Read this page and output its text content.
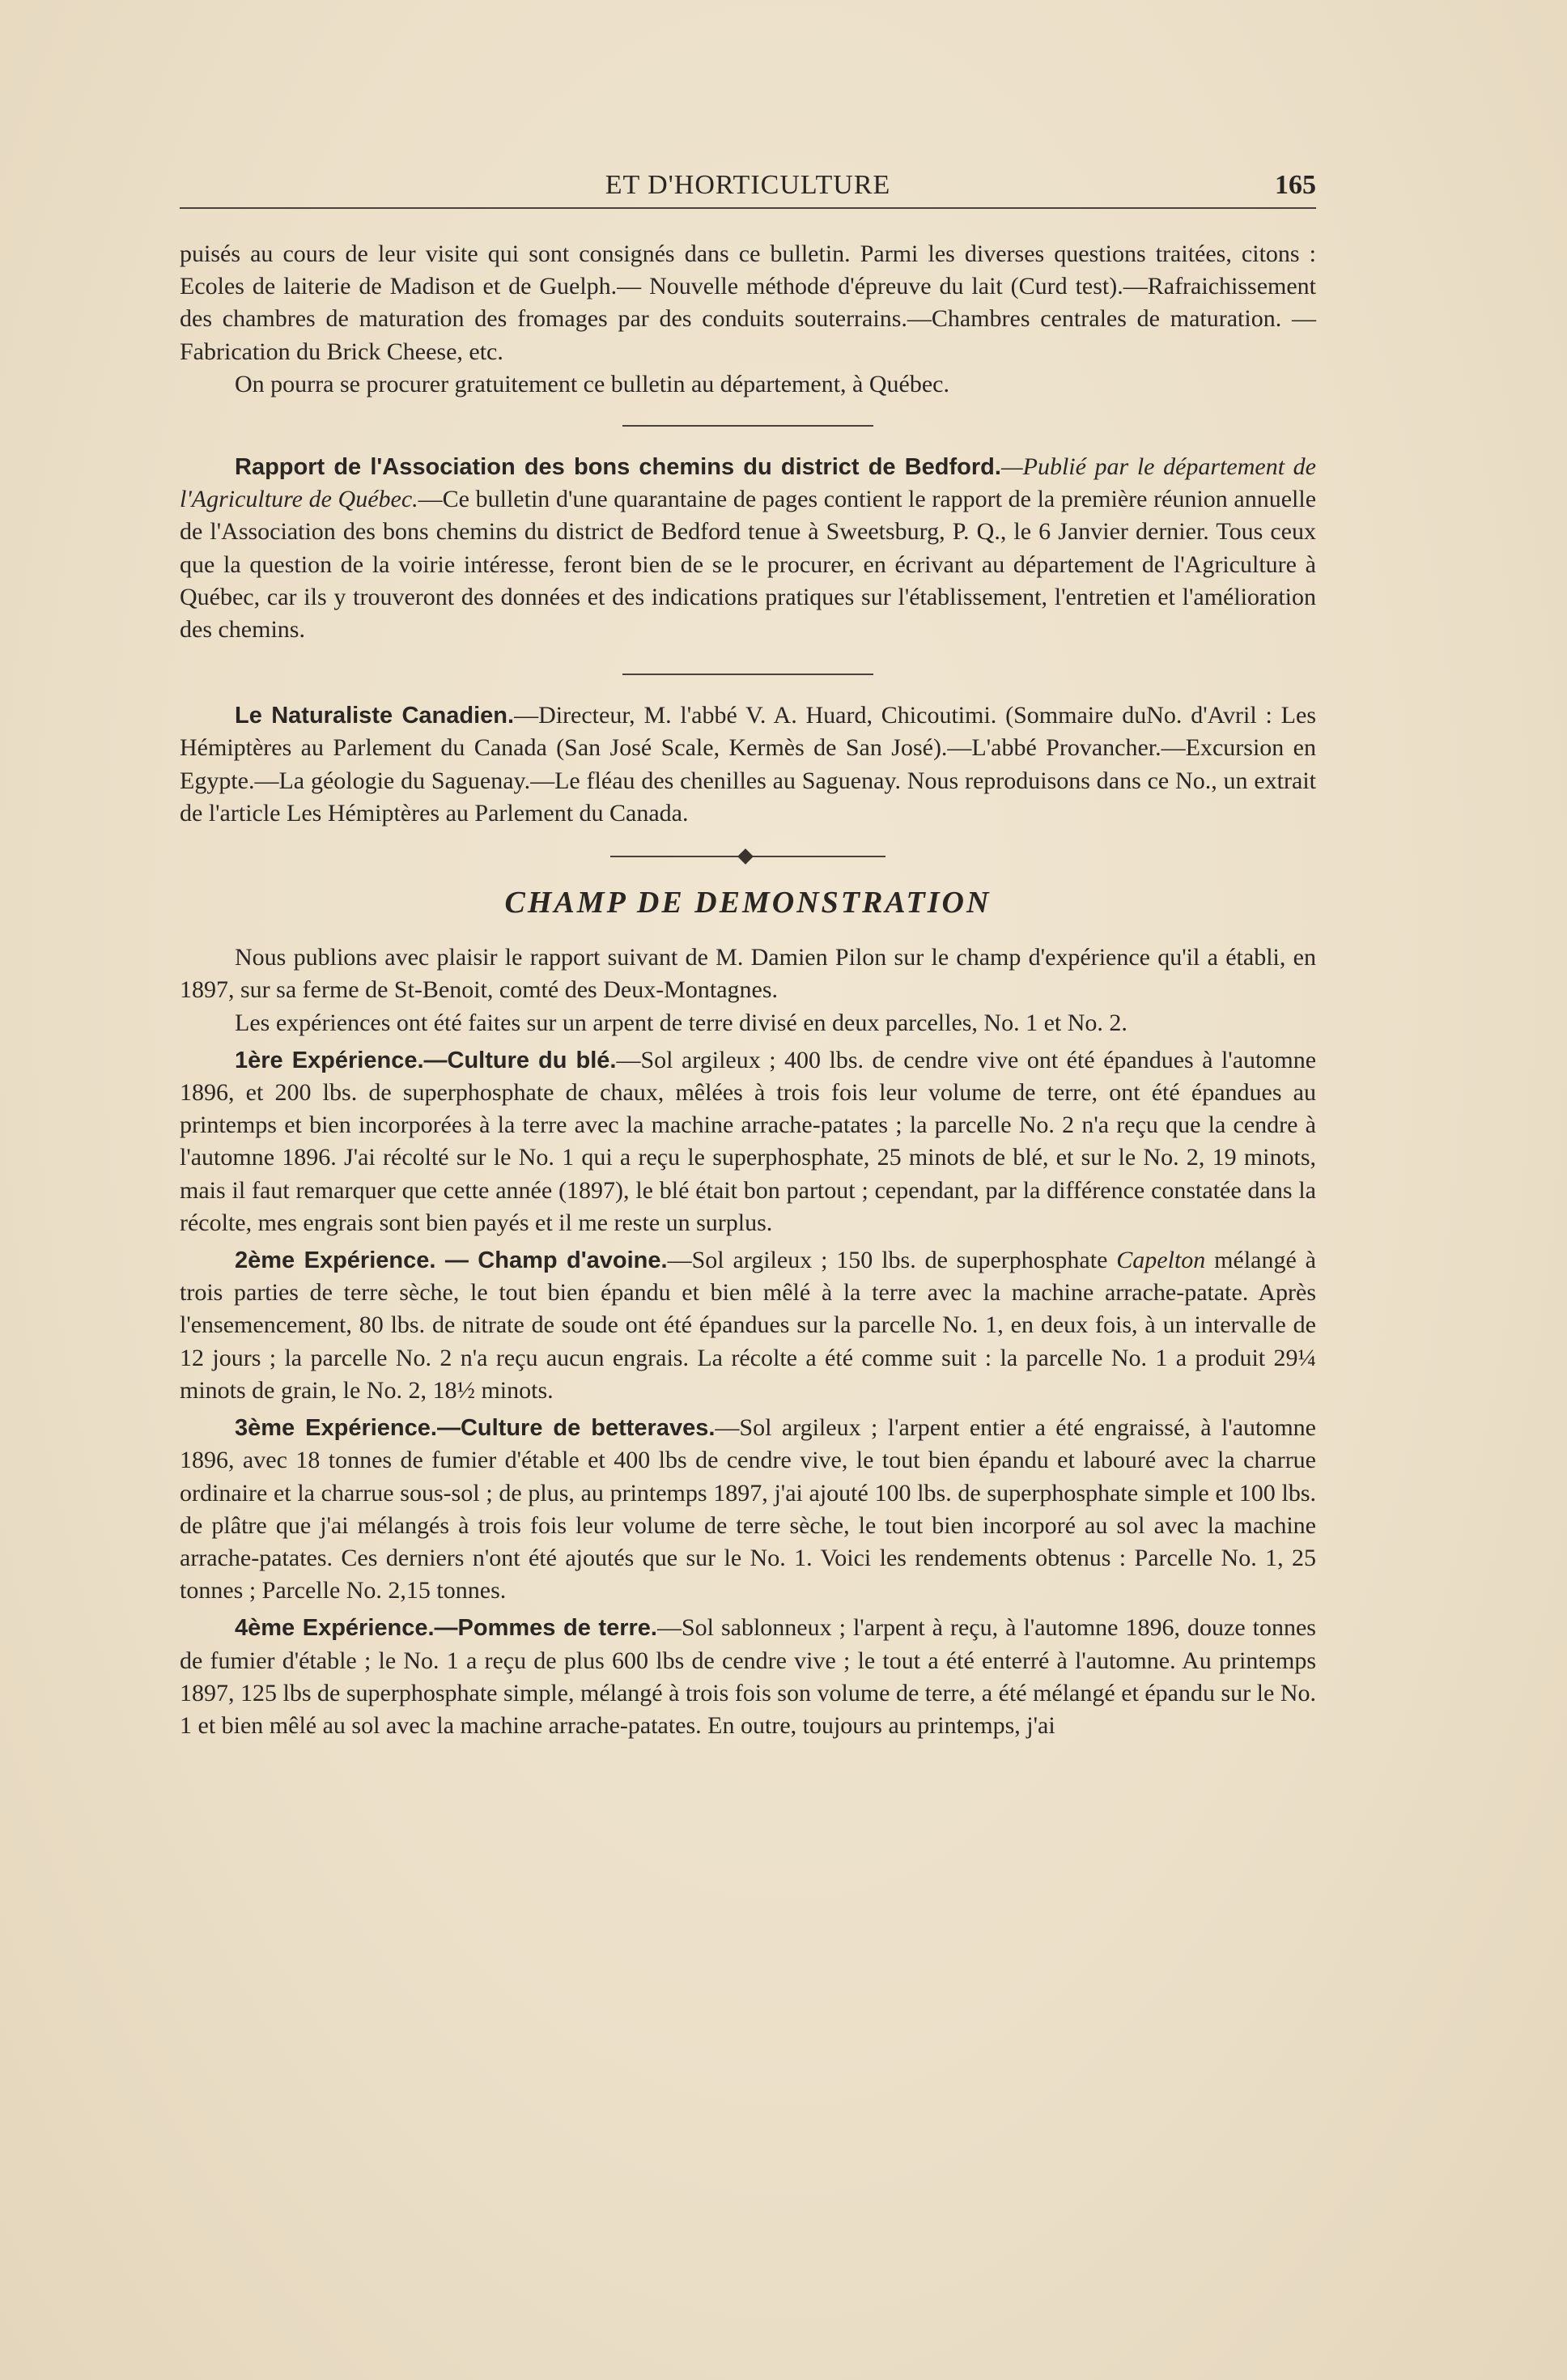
ET D'HORTICULTURE	165

puisés au cours de leur visite qui sont consignés dans ce bulletin. Parmi les diverses questions traitées, citons : Ecoles de laiterie de Madison et de Guelph.— Nouvelle méthode d'épreuve du lait (Curd test).—Rafraichissement des chambres de maturation des fromages par des conduits souterrains.—Chambres centrales de maturation. — Fabrication du Brick Cheese, etc.

On pourra se procurer gratuitement ce bulletin au département, à Québec.

Rapport de l'Association des bons chemins du district de Bedford.—Publié par le département de l'Agriculture de Québec.—Ce bulletin d'une quarantaine de pages contient le rapport de la première réunion annuelle de l'Association des bons chemins du district de Bedford tenue à Sweetsburg, P. Q., le 6 Janvier dernier. Tous ceux que la question de la voirie intéresse, feront bien de se le procurer, en écrivant au département de l'Agriculture à Québec, car ils y trouveront des données et des indications pratiques sur l'établissement, l'entretien et l'amélioration des chemins.

Le Naturaliste Canadien.—Directeur, M. l'abbé V. A. Huard, Chicoutimi. (Sommaire duNo. d'Avril : Les Hémiptères au Parlement du Canada (San José Scale, Kermès de San José).—L'abbé Provancher.—Excursion en Egypte.—La géologie du Saguenay.—Le fléau des chenilles au Saguenay. Nous reproduisons dans ce No., un extrait de l'article Les Hémiptères au Parlement du Canada.

CHAMP DE DEMONSTRATION

Nous publions avec plaisir le rapport suivant de M. Damien Pilon sur le champ d'expérience qu'il a établi, en 1897, sur sa ferme de St-Benoit, comté des Deux-Montagnes.

Les expériences ont été faites sur un arpent de terre divisé en deux parcelles, No. 1 et No. 2.

1ère Expérience.—Culture du blé.—Sol argileux ; 400 lbs. de cendre vive ont été épandues à l'automne 1896, et 200 lbs. de superphosphate de chaux, mêlées à trois fois leur volume de terre, ont été épandues au printemps et bien incorporées à la terre avec la machine arrache-patates ; la parcelle No. 2 n'a reçu que la cendre à l'automne 1896. J'ai récolté sur le No. 1 qui a reçu le superphosphate, 25 minots de blé, et sur le No. 2, 19 minots, mais il faut remarquer que cette année (1897), le blé était bon partout ; cependant, par la différence constatée dans la récolte, mes engrais sont bien payés et il me reste un surplus.

2ème Expérience. — Champ d'avoine.—Sol argileux ; 150 lbs. de superphosphate Capelton mélangé à trois parties de terre sèche, le tout bien épandu et bien mêlé à la terre avec la machine arrache-patate. Après l'ensemencement, 80 lbs. de nitrate de soude ont été épandues sur la parcelle No. 1, en deux fois, à un intervalle de 12 jours ; la parcelle No. 2 n'a reçu aucun engrais. La récolte a été comme suit : la parcelle No. 1 a produit 29¼ minots de grain, le No. 2, 18½ minots.

3ème Expérience.—Culture de betteraves.—Sol argileux ; l'arpent entier a été engraissé, à l'automne 1896, avec 18 tonnes de fumier d'étable et 400 lbs de cendre vive, le tout bien épandu et labouré avec la charrue ordinaire et la charrue sous-sol ; de plus, au printemps 1897, j'ai ajouté 100 lbs. de superphosphate simple et 100 lbs. de plâtre que j'ai mélangés à trois fois leur volume de terre sèche, le tout bien incorporé au sol avec la machine arrache-patates. Ces derniers n'ont été ajoutés que sur le No. 1. Voici les rendements obtenus : Parcelle No. 1, 25 tonnes ; Parcelle No. 2,15 tonnes.

4ème Expérience.—Pommes de terre.—Sol sablonneux ; l'arpent à reçu, à l'automne 1896, douze tonnes de fumier d'étable ; le No. 1 a reçu de plus 600 lbs de cendre vive ; le tout a été enterré à l'automne. Au printemps 1897, 125 lbs de superphosphate simple, mélangé à trois fois son volume de terre, a été mélangé et épandu sur le No. 1 et bien mêlé au sol avec la machine arrache-patates. En outre, toujours au printemps, j'ai
